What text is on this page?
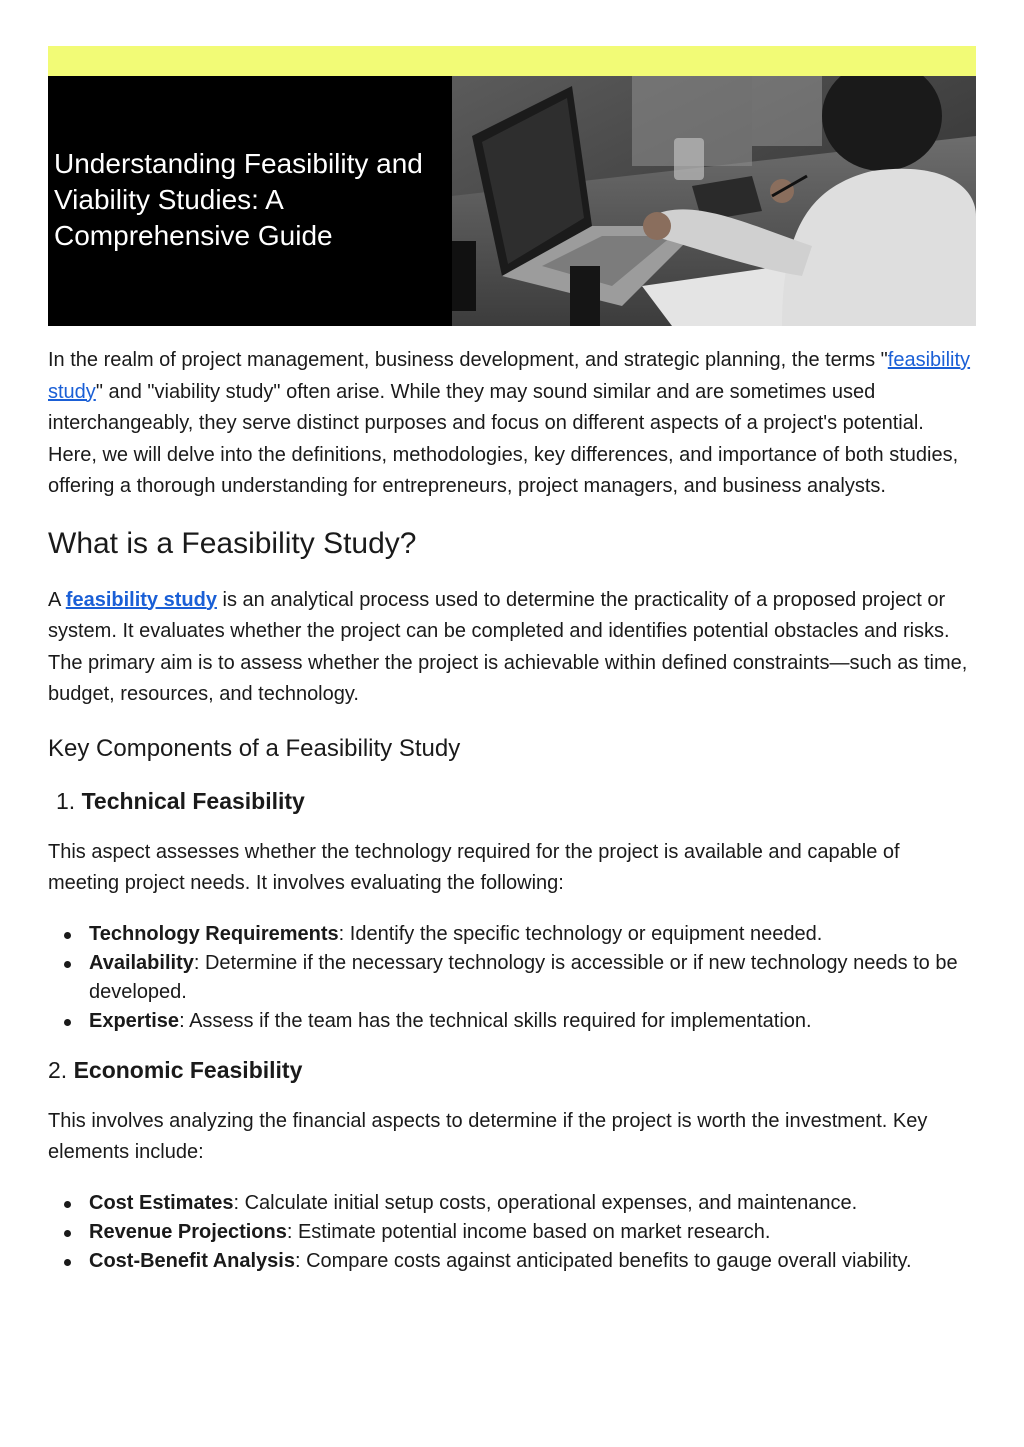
Understanding Feasibility and Viability Studies: A Comprehensive Guide

In the realm of project management, business development, and strategic planning, the terms "feasibility study" and "viability study" often arise. While they may sound similar and are sometimes used interchangeably, they serve distinct purposes and focus on different aspects of a project's potential. Here, we will delve into the definitions, methodologies, key differences, and importance of both studies, offering a thorough understanding for entrepreneurs, project managers, and business analysts.

What is a Feasibility Study?

A feasibility study is an analytical process used to determine the practicality of a proposed project or system. It evaluates whether the project can be completed and identifies potential obstacles and risks. The primary aim is to assess whether the project is achievable within defined constraints—such as time, budget, resources, and technology.

Key Components of a Feasibility Study

1. Technical Feasibility

This aspect assesses whether the technology required for the project is available and capable of meeting project needs. It involves evaluating the following:

Technology Requirements: Identify the specific technology or equipment needed.
Availability: Determine if the necessary technology is accessible or if new technology needs to be developed.
Expertise: Assess if the team has the technical skills required for implementation.

2. Economic Feasibility

This involves analyzing the financial aspects to determine if the project is worth the investment. Key elements include:

Cost Estimates: Calculate initial setup costs, operational expenses, and maintenance.
Revenue Projections: Estimate potential income based on market research.
Cost-Benefit Analysis: Compare costs against anticipated benefits to gauge overall viability.
